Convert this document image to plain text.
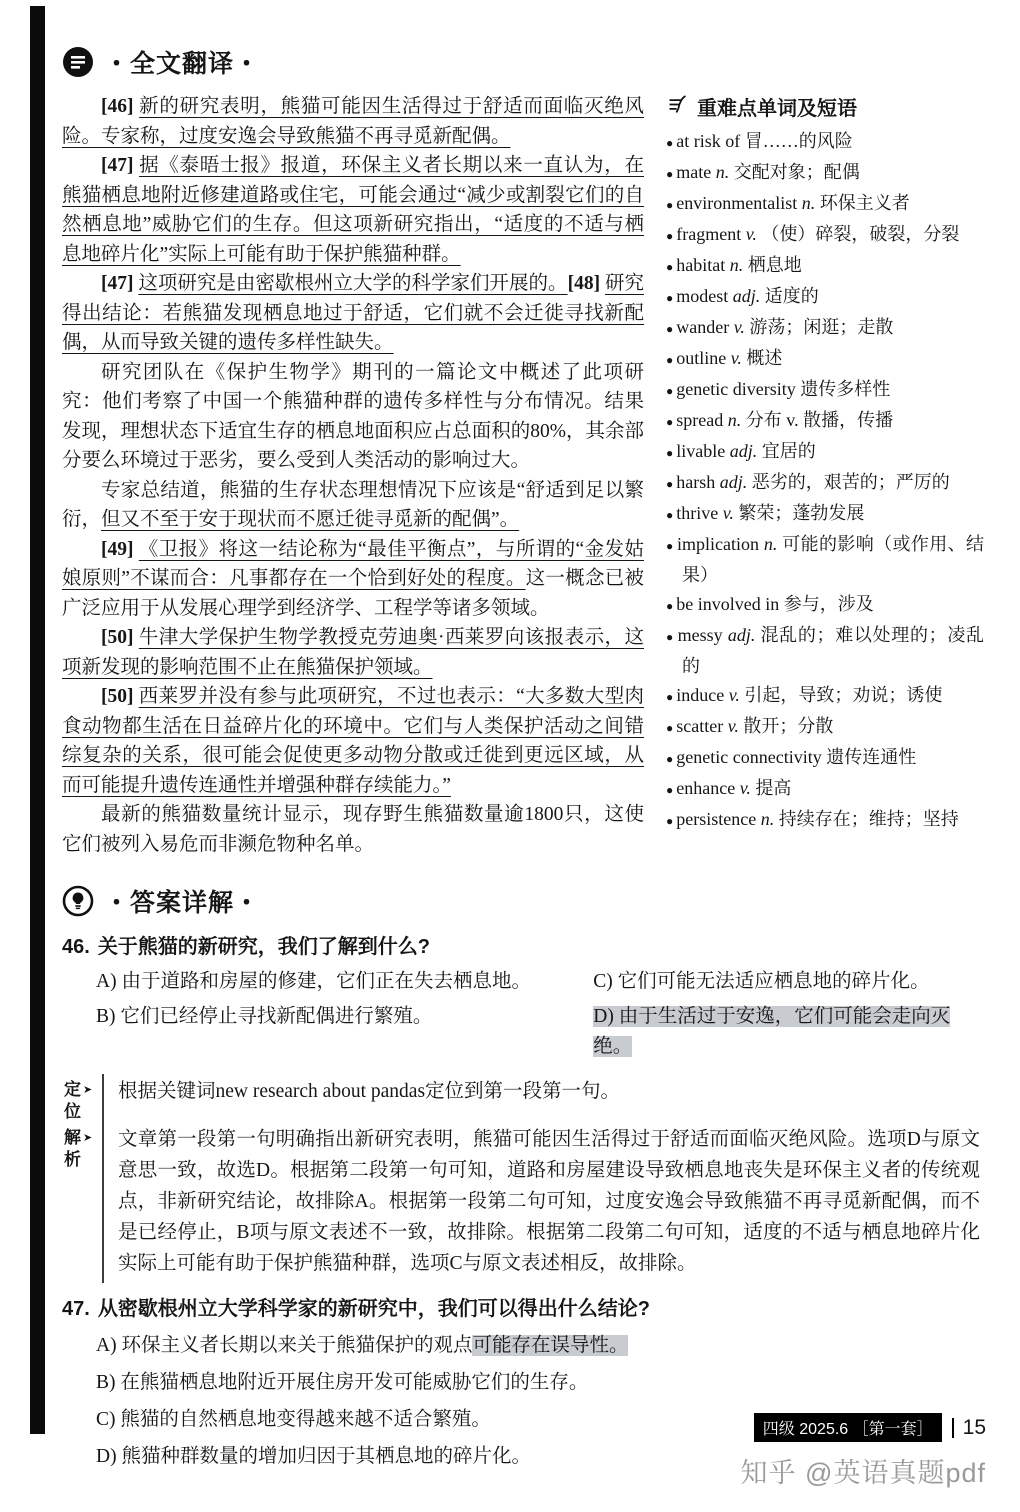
・全文翻译・

[46] 新的研究表明，熊猫可能因生活得过于舒适而面临灭绝风险。专家称，过度安逸会导致熊猫不再寻觅新配偶。

[47] 据《泰晤士报》报道，环保主义者长期以来一直认为，在熊猫栖息地附近修建道路或住宅，可能会通过“减少或割裂它们的自然栖息地”威胁它们的生存。但这项新研究指出，“适度的不适与栖息地碎片化”实际上可能有助于保护熊猫种群。

[47] 这项研究是由密歇根州立大学的科学家们开展的。[48] 研究得出结论：若熊猫发现栖息地过于舒适，它们就不会迁徙寻找新配偶，从而导致关键的遗传多样性缺失。

研究团队在《保护生物学》期刊的一篇论文中概述了此项研究：他们考察了中国一个熊猫种群的遗传多样性与分布情况。结果发现，理想状态下适宜生存的栖息地面积应占总面积的80%，其余部分要么环境过于恶劣，要么受到人类活动的影响过大。

专家总结道，熊猫的生存状态理想情况下应该是“舒适到足以繁衍，但又不至于安于现状而不愿迁徙寻觅新的配偶”。

[49] 《卫报》将这一结论称为“最佳平衡点”，与所谓的“金发姑娘原则”不谋而合：凡事都存在一个恰到好处的程度。这一概念已被广泛应用于从发展心理学到经济学、工程学等诸多领域。

[50] 牛津大学保护生物学教授克劳迪奥·西莱罗向该报表示，这项新发现的影响范围不止在熊猫保护领域。

[50] 西莱罗并没有参与此项研究，不过也表示：“大多数大型肉食动物都生活在日益碎片化的环境中。它们与人类保护活动之间错综复杂的关系，很可能会促使更多动物分散或迁徙到更远区域，从而可能提升遗传连通性并增强种群存续能力。”

最新的熊猫数量统计显示，现存野生熊猫数量逾1800只，这使它们被列入易危而非濒危物种名单。

重难点单词及短语
● at risk of 冒……的风险
● mate n. 交配对象；配偶
● environmentalist n. 环保主义者
● fragment v. （使）碎裂，破裂，分裂
● habitat n. 栖息地
● modest adj. 适度的
● wander v. 游荡；闲逛；走散
● outline v. 概述
● genetic diversity 遗传多样性
● spread n. 分布 v. 散播，传播
● livable adj. 宜居的
● harsh adj. 恶劣的，艰苦的；严厉的
● thrive v. 繁荣；蓬勃发展
● implication n. 可能的影响（或作用、结果）
● be involved in 参与，涉及
● messy adj. 混乱的；难以处理的；凌乱的
● induce v. 引起，导致；劝说；诱使
● scatter v. 散开；分散
● genetic connectivity 遗传连通性
● enhance v. 提高
● persistence n. 持续存在；维持；坚持
・答案详解・
46. 关于熊猫的新研究，我们了解到什么?
A) 由于道路和房屋的修建，它们正在失去栖息地。	C) 它们可能无法适应栖息地的碎片化。
B) 它们已经停止寻找新配偶进行繁殖。	D) 由于生活过于安逸，它们可能会走向灭绝。
定 ➤
位
根据关键词new research about pandas定位到第一段第一句。
解 ➤
析
文章第一段第一句明确指出新研究表明，熊猫可能因生活得过于舒适而面临灭绝风险。选项D与原文意思一致，故选D。根据第二段第一句可知，道路和房屋建设导致栖息地丧失是环保主义者的传统观点，非新研究结论，故排除A。根据第一段第二句可知，过度安逸会导致熊猫不再寻觅新配偶，而不是已经停止，B项与原文表述不一致，故排除。根据第二段第二句可知，适度的不适与栖息地碎片化实际上可能有助于保护熊猫种群，选项C与原文表述相反，故排除。
47. 从密歇根州立大学科学家的新研究中，我们可以得出什么结论?
A) 环保主义者长期以来关于熊猫保护的观点可能存在误导性。
B) 在熊猫栖息地附近开展住房开发可能威胁它们的生存。
C) 熊猫的自然栖息地变得越来越不适合繁殖。
D) 熊猫种群数量的增加归因于其栖息地的碎片化。
四级 2025.6 ［第一套］	15
知乎 @英语真题pdf
